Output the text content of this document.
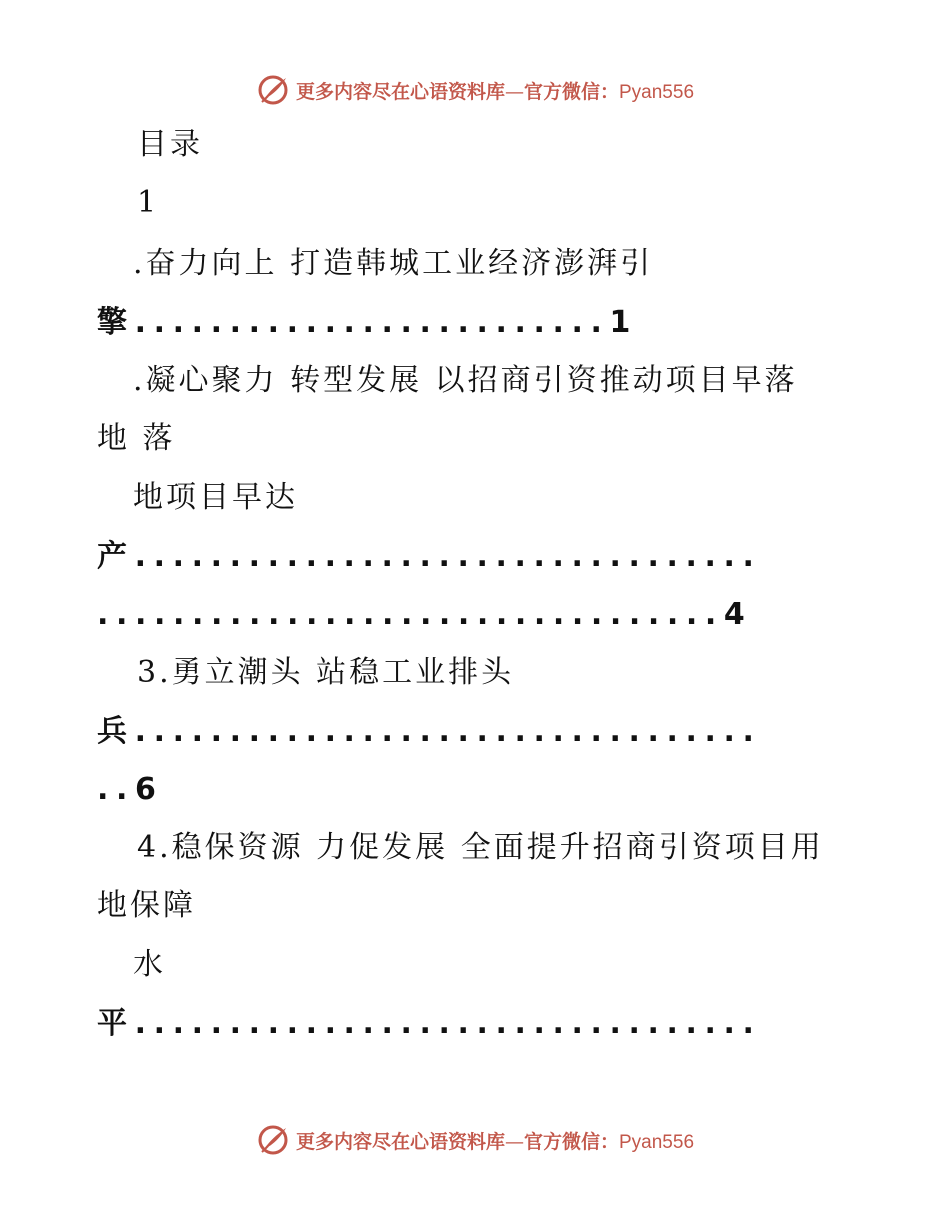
更多内容尽在心语资料库—官方微信：Pyan556
目录
1
.奋力向上 打造韩城工业经济澎湃引
擎.........................1
.凝心聚力 转型发展 以招商引资推动项目早落
地 落
地项目早达
产.................................
.................................4
3.勇立潮头 站稳工业排头
兵.................................
..6
4.稳保资源 力促发展 全面提升招商引资项目用
地保障
水
平.................................
更多内容尽在心语资料库—官方微信：Pyan556
